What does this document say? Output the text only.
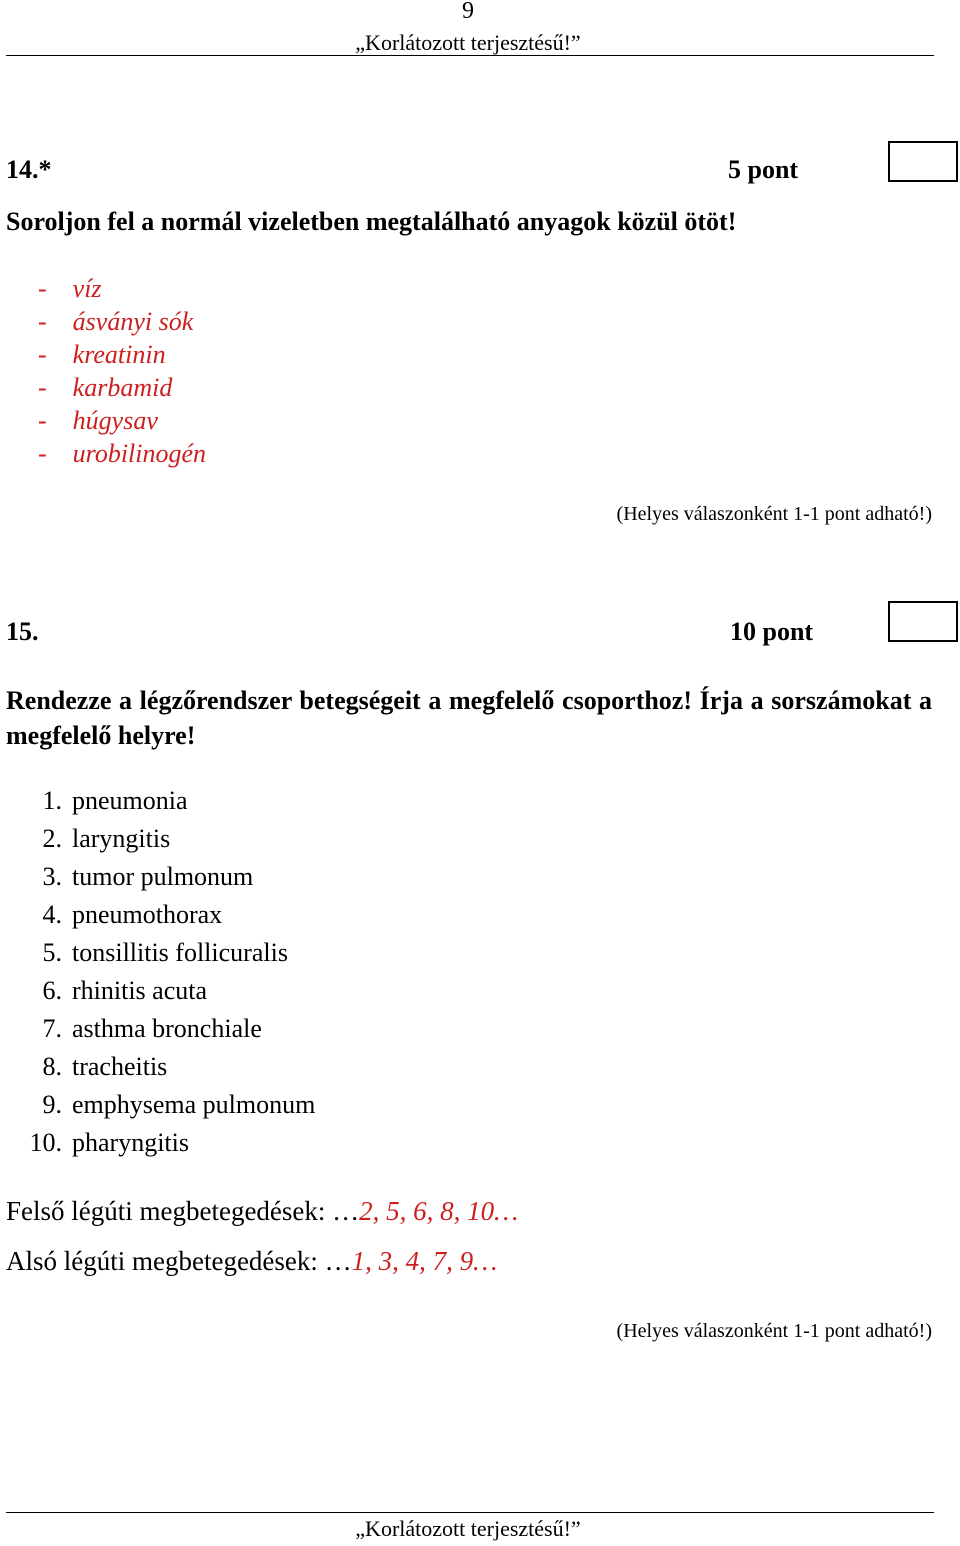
9
„Korlátozott terjesztésű!”
14.*	5 pont
Soroljon fel a normál vizeletben megtalálható anyagok közül ötöt!
- víz
- ásványi sók
- kreatinin
- karbamid
- húgysav
- urobilinogén
(Helyes válaszonként 1-1 pont adható!)
15.	10 pont
Rendezze a légzőrendszer betegségeit a megfelelő csoporthoz! Írja a sorszámokat a megfelelő helyre!
1. pneumonia
2. laryngitis
3. tumor pulmonum
4. pneumothorax
5. tonsillitis follicuralis
6. rhinitis acuta
7. asthma bronchiale
8. tracheitis
9. emphysema pulmonum
10. pharyngitis
Felső légúti megbetegedések: …2, 5, 6, 8, 10…
Alsó légúti megbetegedések: …1, 3, 4, 7, 9…
(Helyes válaszonként 1-1 pont adható!)
„Korlátozott terjesztésű!”
